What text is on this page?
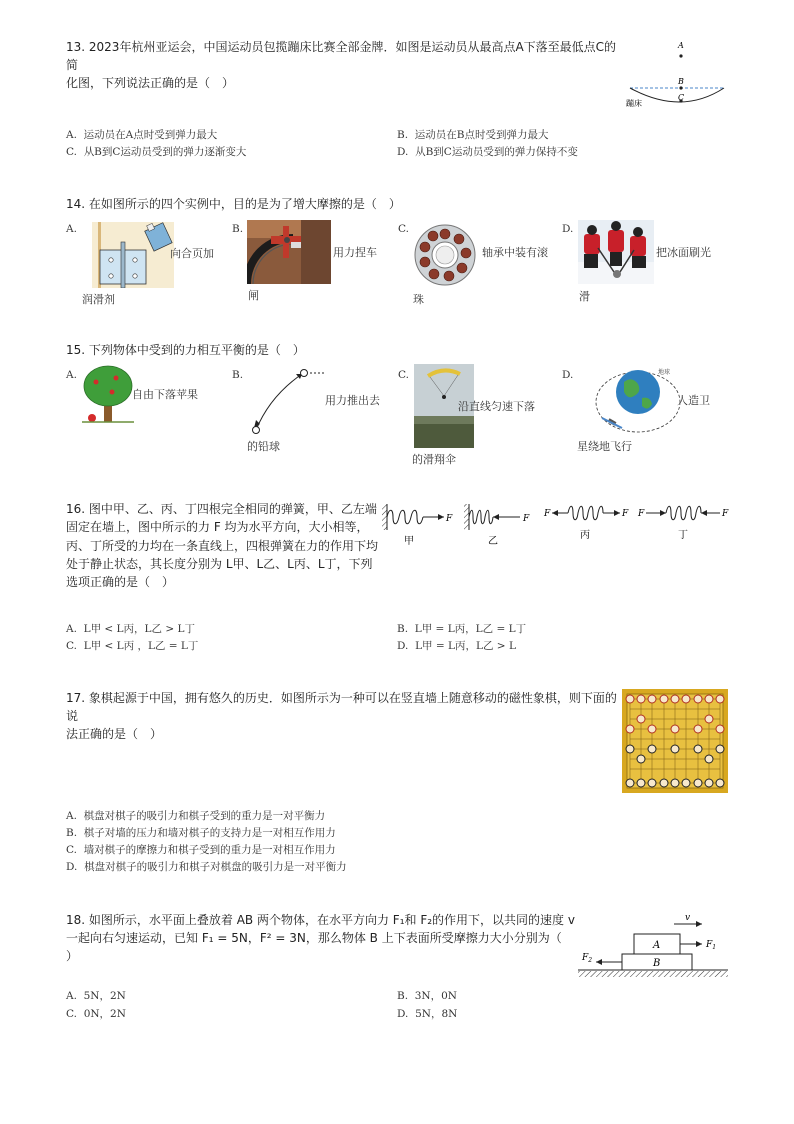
13. 2023年杭州亚运会，中国运动员包揽蹦床比赛全部金牌．如图是运动员从最高点A下落至最低点C的简
化图，下列说法正确的是（　）
A
B
C
蹦床
A. 运动员在A点时受到弹力最大	B. 运动员在B点时受到弹力最大
C. 从B到C运动员受到的弹力逐渐变大	D. 从B到C运动员受到的弹力保持不变
14. 在如图所示的四个实例中，目的是为了增大摩擦的是（　）
A.
向合页加
润滑剂
B.
用力捏车
闸
C.
轴承中装有滚
珠
D.
把冰面刷光
滑
15. 下列物体中受到的力相互平衡的是（　）
A.
自由下落苹果
B.
用力推出去
的铅球
C.
沿直线匀速下落
的滑翔伞
D.	地球
人造卫
星绕地飞行
16. 图中甲、乙、丙、丁四根完全相同的弹簧，甲、乙左端
固定在墙上，图中所示的力 F 均为水平方向，大小相等，
丙、丁所受的力均在一条直线上，四根弹簧在力的作用下均
处于静止状态，其长度分别为 L甲、L乙、L丙、L丁，下列
选项正确的是（　）
F
甲
F
乙
F	F
丙
F	F
丁
A. L甲 < L丙，L乙 > L丁	B. L甲 = L丙，L乙 = L丁
C. L甲 < L丙 ，L乙 = L丁	D. L甲 = L丙，L乙 > L
17. 象棋起源于中国，拥有悠久的历史．如图所示为一种可以在竖直墙上随意移动的磁性象棋，则下面的说
法正确的是（　）
A. 棋盘对棋子的吸引力和棋子受到的重力是一对平衡力
B. 棋子对墙的压力和墙对棋子的支持力是一对相互作用力
C. 墙对棋子的摩擦力和棋子受到的重力是一对相互作用力
D. 棋盘对棋子的吸引力和棋子对棋盘的吸引力是一对平衡力
18. 如图所示，水平面上叠放着 AB 两个物体，在水平方向力 F₁和 F₂的作用下，以共同的速度 v
一起向右匀速运动，已知 F₁ = 5N，F² = 3N，那么物体 B 上下表面所受摩擦力大小分别为（
）
v
A
B
$F_1$
$F_2$
A. 5N，2N	B. 3N，0N
C. 0N，2N	D. 5N，8N
